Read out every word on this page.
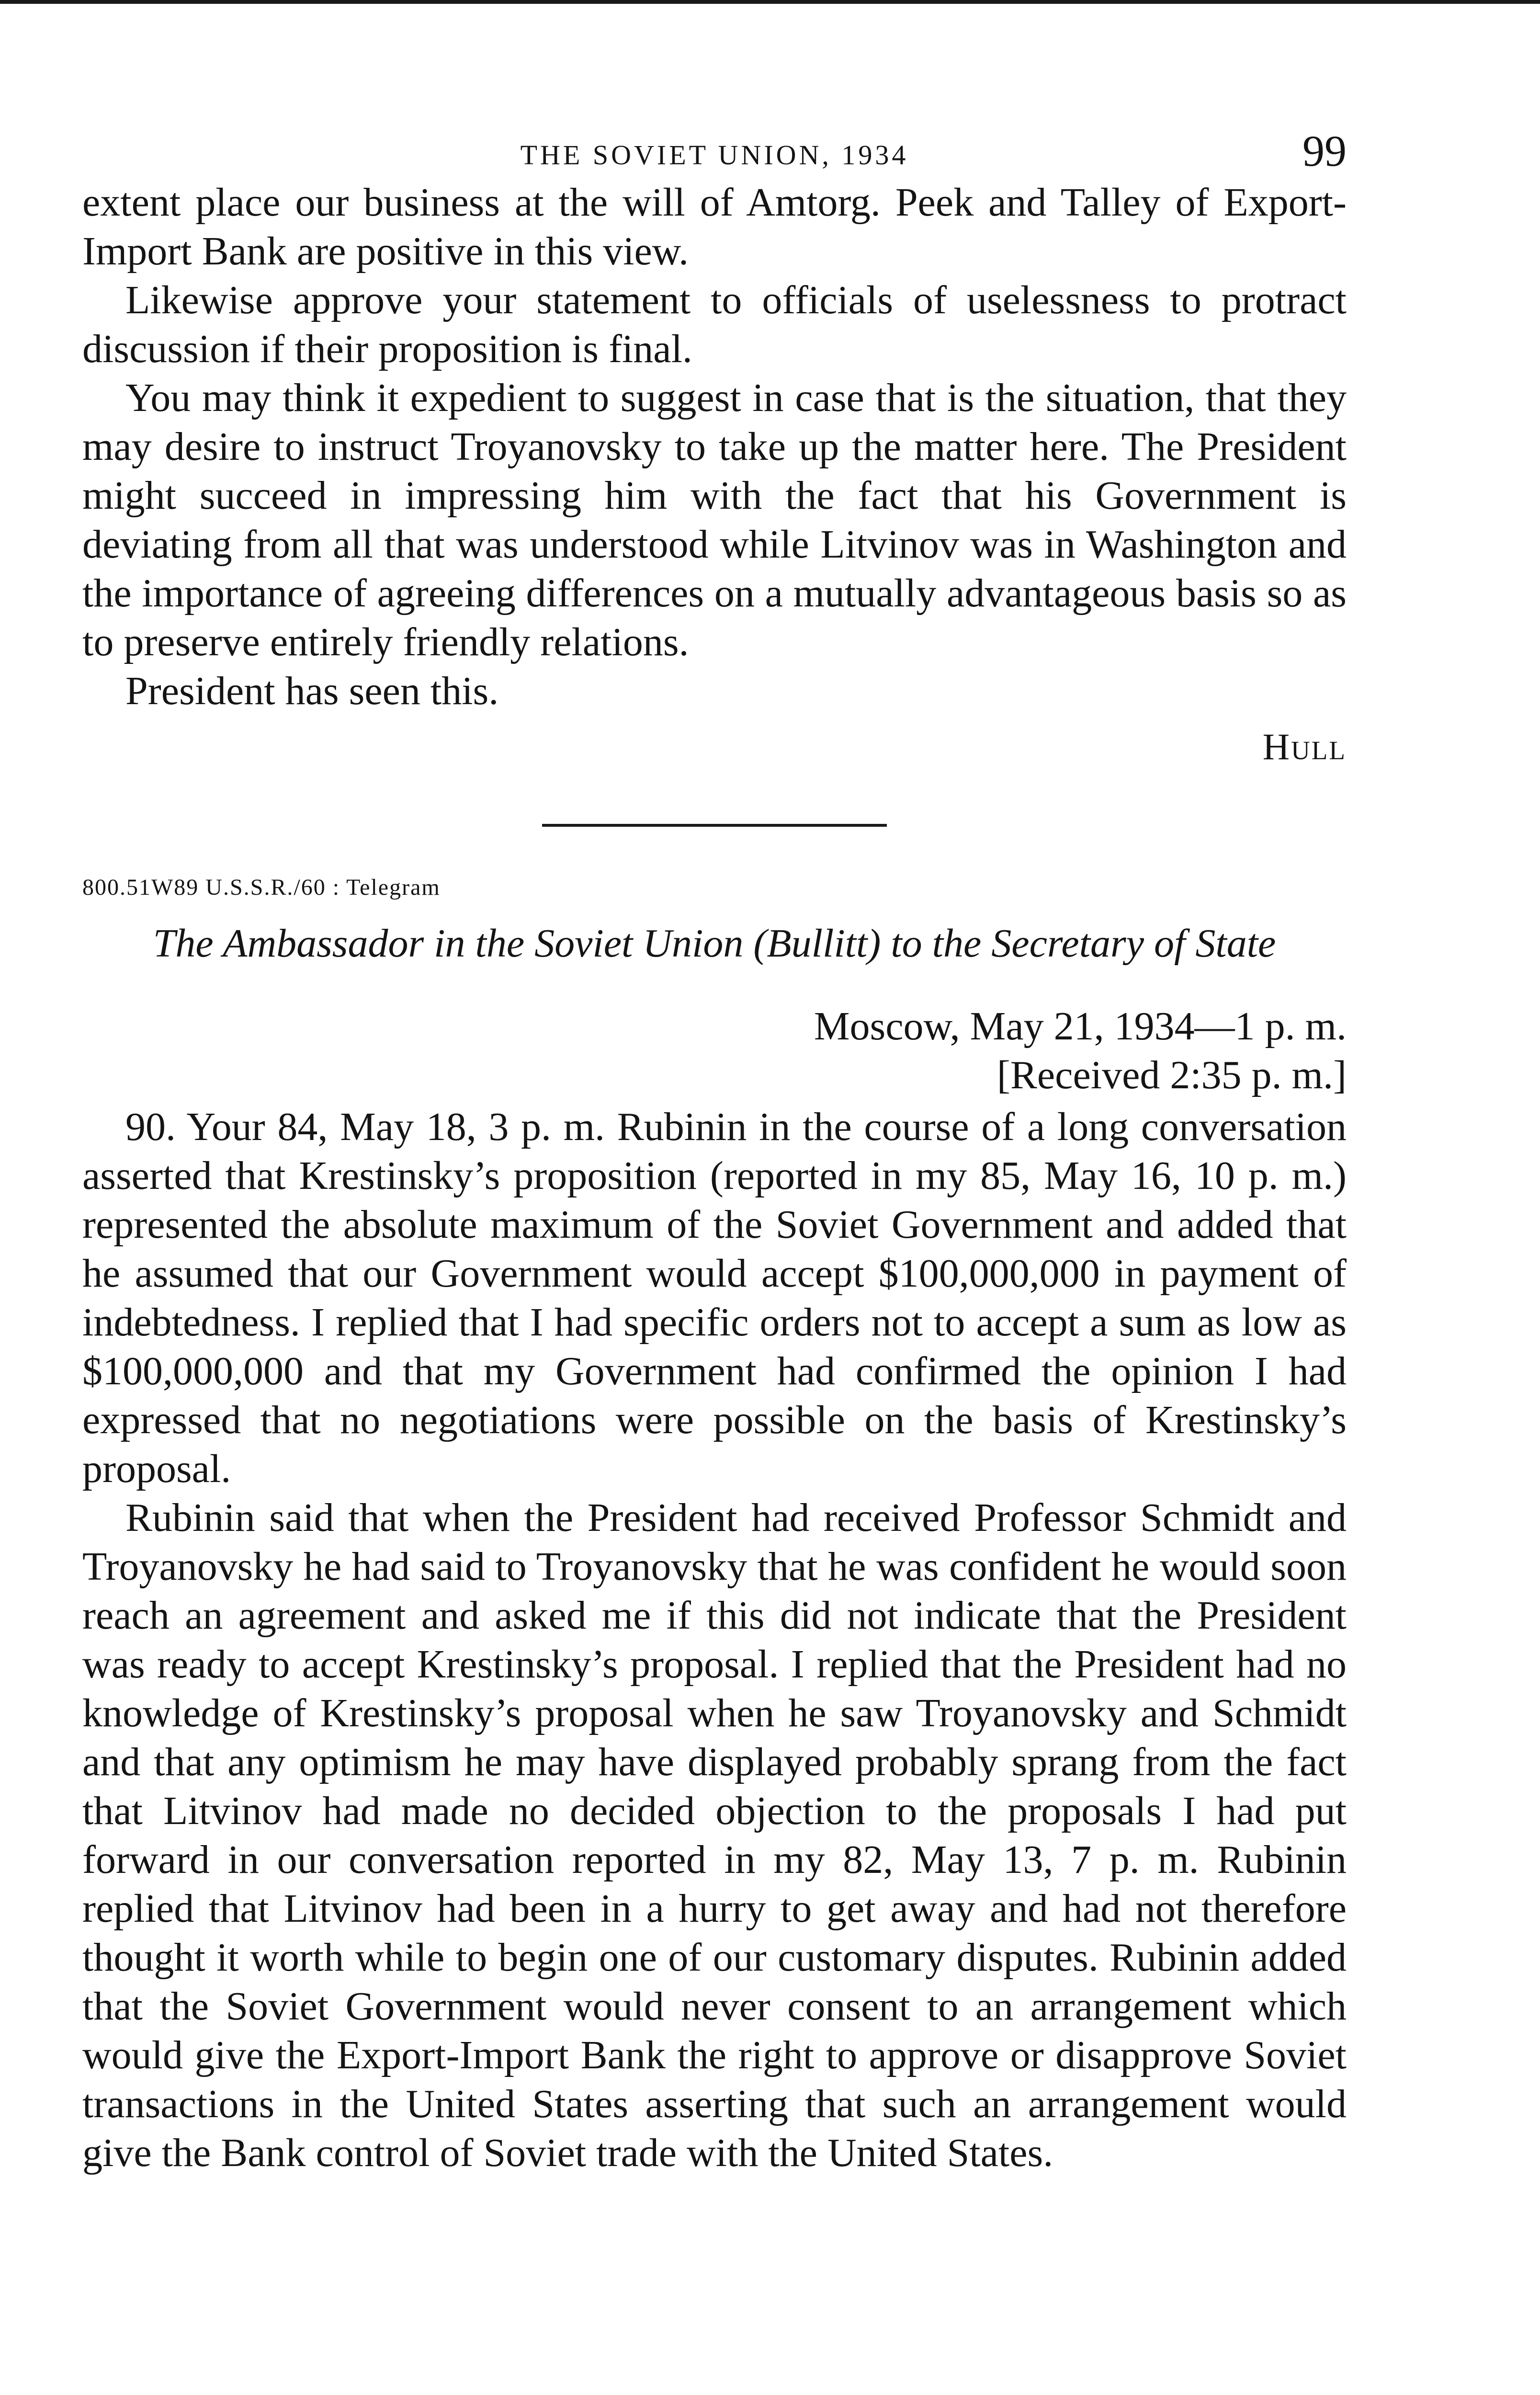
THE SOVIET UNION, 1934	99

extent place our business at the will of Amtorg. Peek and Talley of Export-Import Bank are positive in this view.

Likewise approve your statement to officials of uselessness to protract discussion if their proposition is final.

You may think it expedient to suggest in case that is the situation, that they may desire to instruct Troyanovsky to take up the matter here. The President might succeed in impressing him with the fact that his Government is deviating from all that was understood while Litvinov was in Washington and the importance of agreeing differences on a mutually advantageous basis so as to preserve entirely friendly relations.

President has seen this.

Hull

800.51W89 U.S.S.R./60 : Telegram

The Ambassador in the Soviet Union (Bullitt) to the Secretary of State

Moscow, May 21, 1934—1 p. m.

[Received 2:35 p. m.]

90. Your 84, May 18, 3 p. m. Rubinin in the course of a long conversation asserted that Krestinsky’s proposition (reported in my 85, May 16, 10 p. m.) represented the absolute maximum of the Soviet Government and added that he assumed that our Government would accept $100,000,000 in payment of indebtedness. I replied that I had specific orders not to accept a sum as low as $100,000,000 and that my Government had confirmed the opinion I had expressed that no negotiations were possible on the basis of Krestinsky’s proposal.

Rubinin said that when the President had received Professor Schmidt and Troyanovsky he had said to Troyanovsky that he was confident he would soon reach an agreement and asked me if this did not indicate that the President was ready to accept Krestinsky’s proposal. I replied that the President had no knowledge of Krestinsky’s proposal when he saw Troyanovsky and Schmidt and that any optimism he may have displayed probably sprang from the fact that Litvinov had made no decided objection to the proposals I had put forward in our conversation reported in my 82, May 13, 7 p. m. Rubinin replied that Litvinov had been in a hurry to get away and had not therefore thought it worth while to begin one of our customary disputes. Rubinin added that the Soviet Government would never consent to an arrangement which would give the Export-Import Bank the right to approve or disapprove Soviet transactions in the United States asserting that such an arrangement would give the Bank control of Soviet trade with the United States.
